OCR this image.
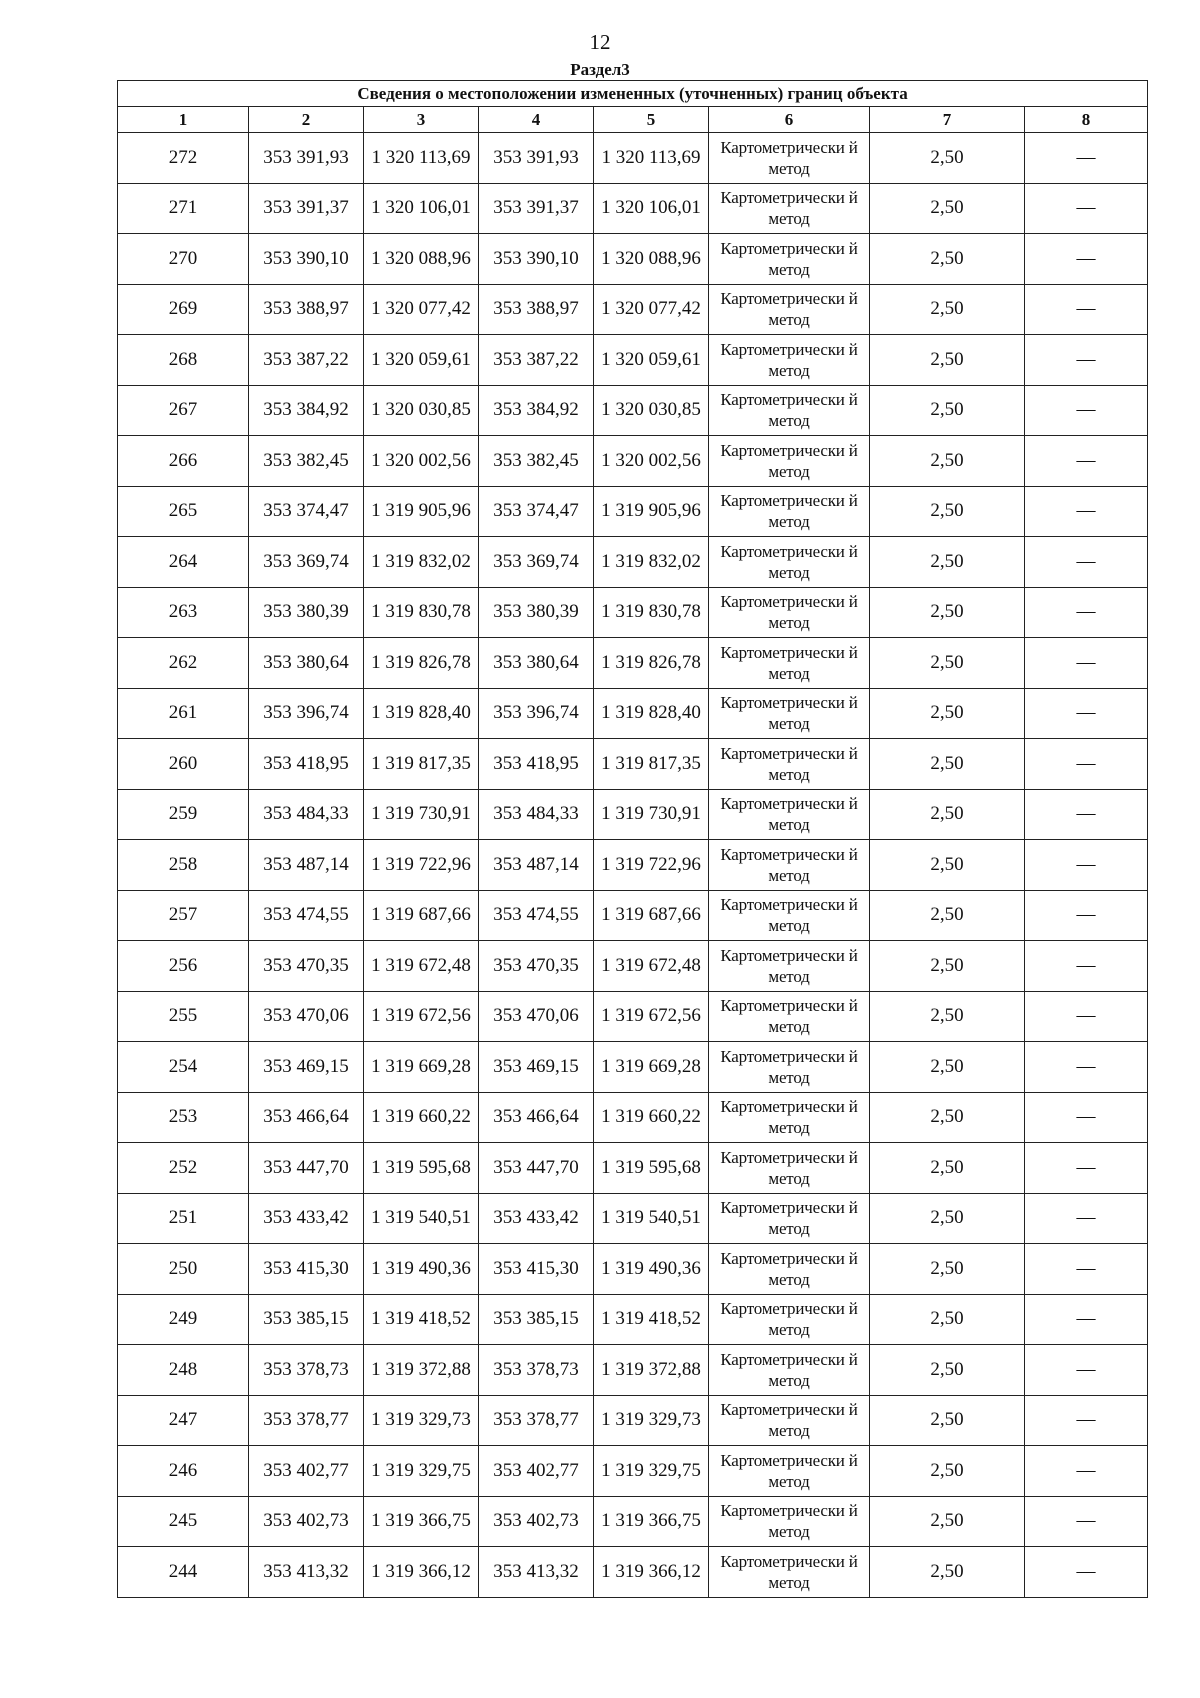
12
Раздел3
Сведения о местоположении измененных (уточненных) границ объекта							
1	2	3	4	5	6	7	8
272	353 391,93	1 320 113,69	353 391,93	1 320 113,69	Картометрически й метод	2,50	—
271	353 391,37	1 320 106,01	353 391,37	1 320 106,01	Картометрически й метод	2,50	—
270	353 390,10	1 320 088,96	353 390,10	1 320 088,96	Картометрически й метод	2,50	—
269	353 388,97	1 320 077,42	353 388,97	1 320 077,42	Картометрически й метод	2,50	—
268	353 387,22	1 320 059,61	353 387,22	1 320 059,61	Картометрически й метод	2,50	—
267	353 384,92	1 320 030,85	353 384,92	1 320 030,85	Картометрически й метод	2,50	—
266	353 382,45	1 320 002,56	353 382,45	1 320 002,56	Картометрически й метод	2,50	—
265	353 374,47	1 319 905,96	353 374,47	1 319 905,96	Картометрически й метод	2,50	—
264	353 369,74	1 319 832,02	353 369,74	1 319 832,02	Картометрически й метод	2,50	—
263	353 380,39	1 319 830,78	353 380,39	1 319 830,78	Картометрически й метод	2,50	—
262	353 380,64	1 319 826,78	353 380,64	1 319 826,78	Картометрически й метод	2,50	—
261	353 396,74	1 319 828,40	353 396,74	1 319 828,40	Картометрически й метод	2,50	—
260	353 418,95	1 319 817,35	353 418,95	1 319 817,35	Картометрически й метод	2,50	—
259	353 484,33	1 319 730,91	353 484,33	1 319 730,91	Картометрически й метод	2,50	—
258	353 487,14	1 319 722,96	353 487,14	1 319 722,96	Картометрически й метод	2,50	—
257	353 474,55	1 319 687,66	353 474,55	1 319 687,66	Картометрически й метод	2,50	—
256	353 470,35	1 319 672,48	353 470,35	1 319 672,48	Картометрически й метод	2,50	—
255	353 470,06	1 319 672,56	353 470,06	1 319 672,56	Картометрически й метод	2,50	—
254	353 469,15	1 319 669,28	353 469,15	1 319 669,28	Картометрически й метод	2,50	—
253	353 466,64	1 319 660,22	353 466,64	1 319 660,22	Картометрически й метод	2,50	—
252	353 447,70	1 319 595,68	353 447,70	1 319 595,68	Картометрически й метод	2,50	—
251	353 433,42	1 319 540,51	353 433,42	1 319 540,51	Картометрически й метод	2,50	—
250	353 415,30	1 319 490,36	353 415,30	1 319 490,36	Картометрически й метод	2,50	—
249	353 385,15	1 319 418,52	353 385,15	1 319 418,52	Картометрически й метод	2,50	—
248	353 378,73	1 319 372,88	353 378,73	1 319 372,88	Картометрически й метод	2,50	—
247	353 378,77	1 319 329,73	353 378,77	1 319 329,73	Картометрически й метод	2,50	—
246	353 402,77	1 319 329,75	353 402,77	1 319 329,75	Картометрически й метод	2,50	—
245	353 402,73	1 319 366,75	353 402,73	1 319 366,75	Картометрически й метод	2,50	—
244	353 413,32	1 319 366,12	353 413,32	1 319 366,12	Картометрически й метод	2,50	—
